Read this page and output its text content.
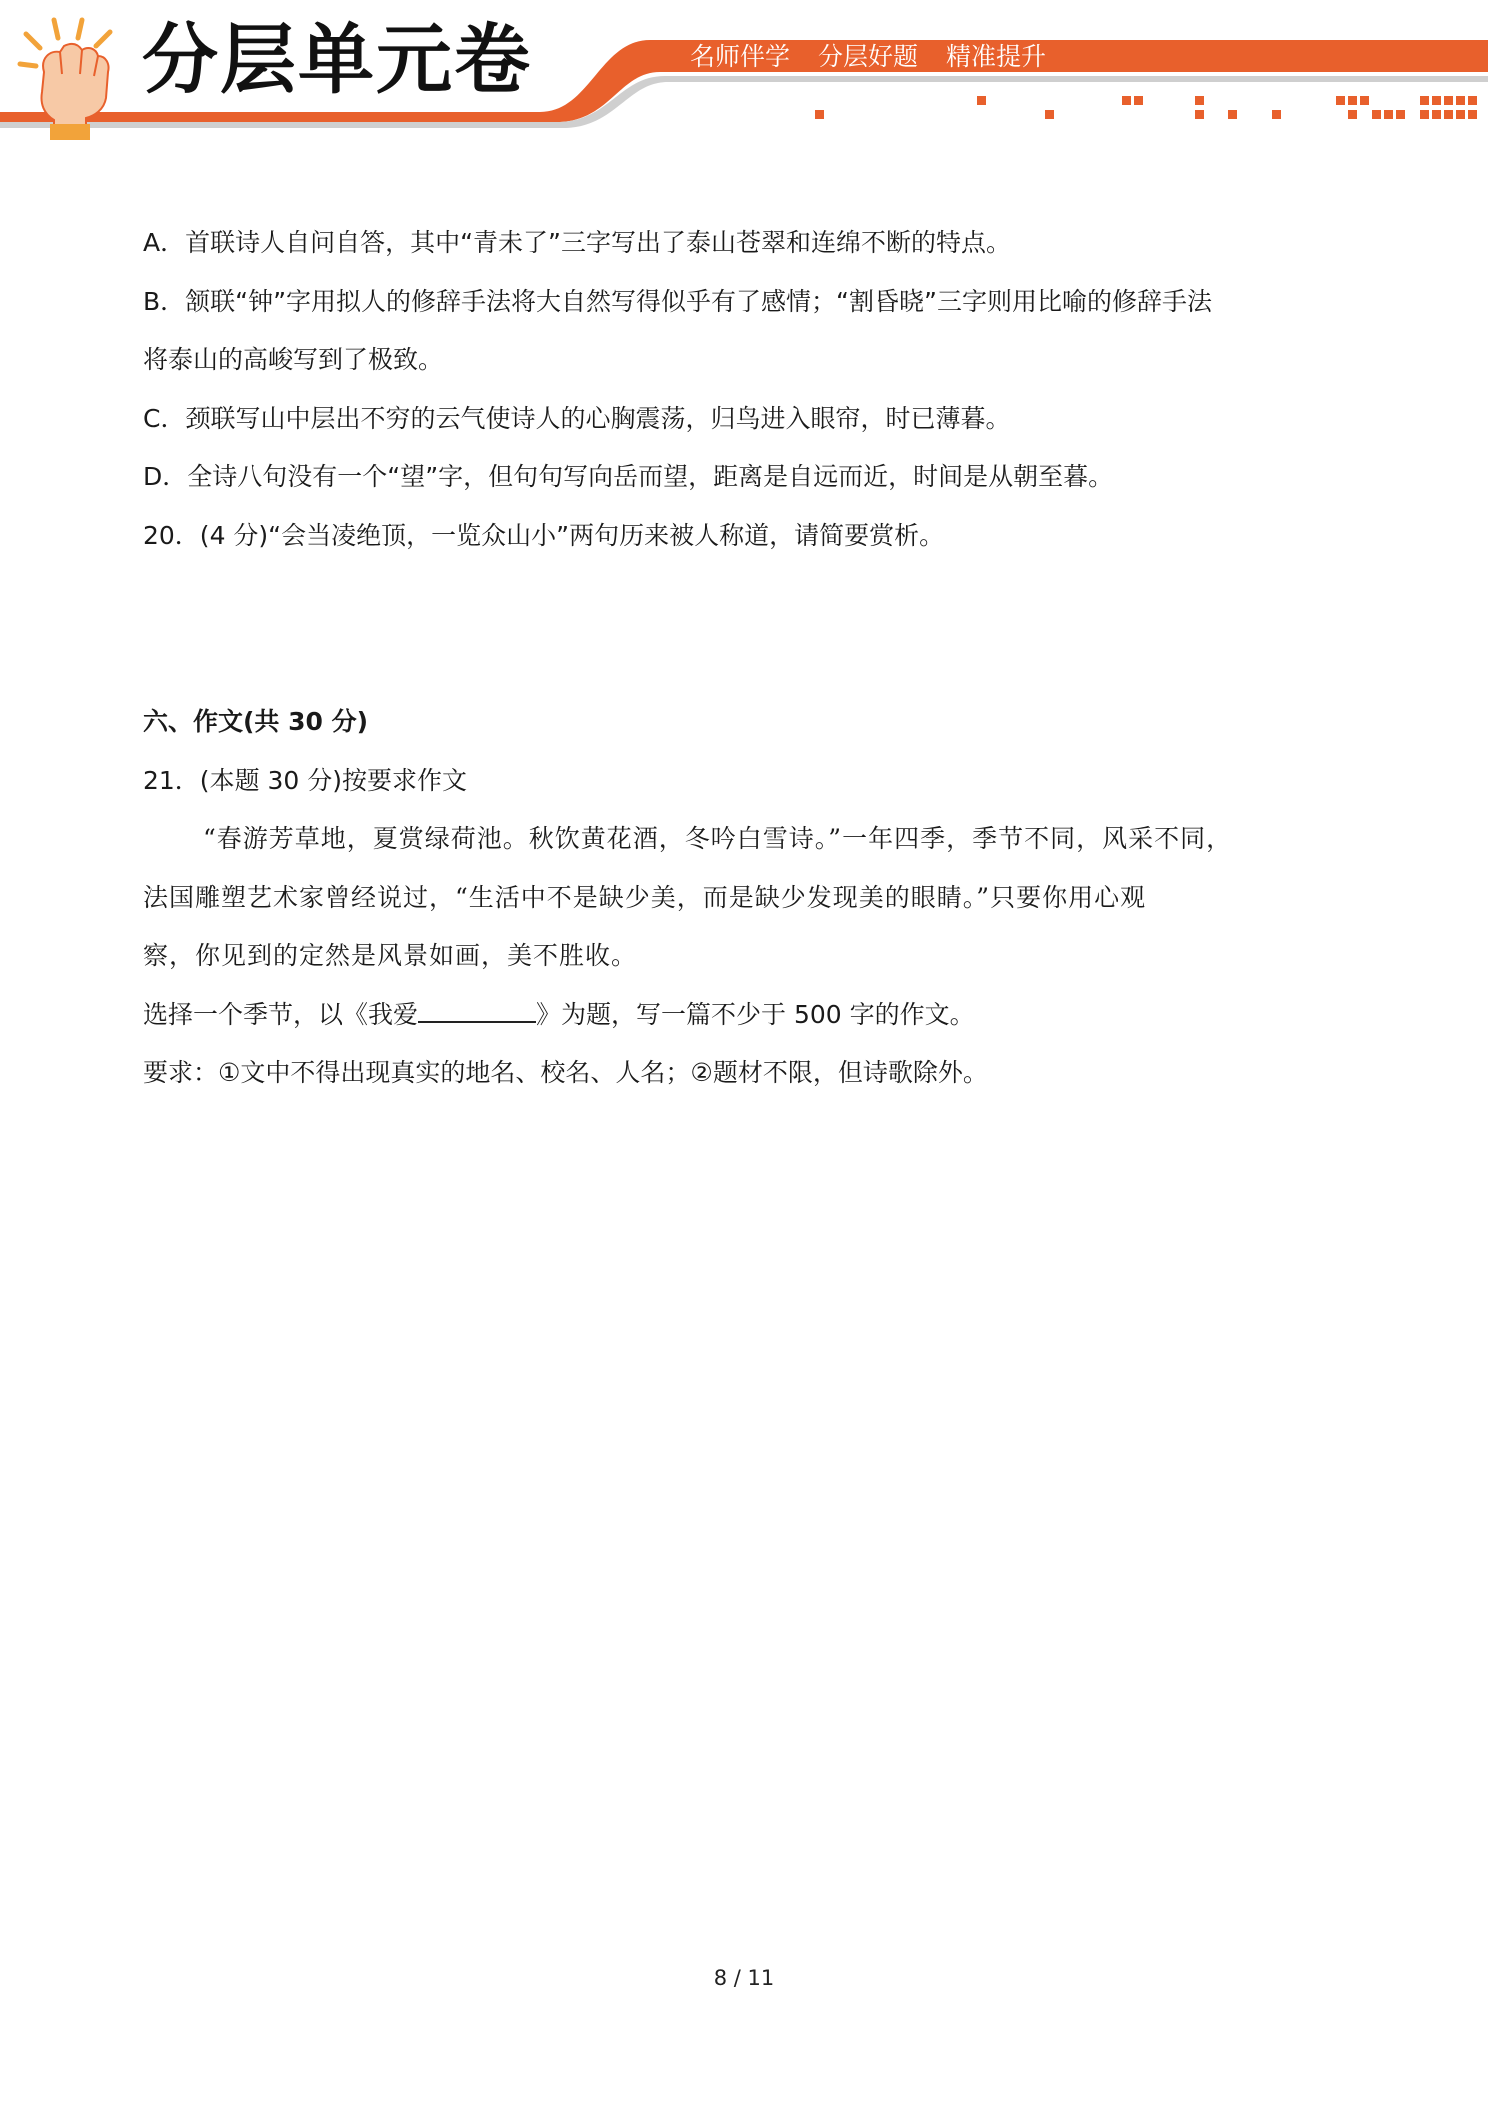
分层单元卷	名师伴学 分层好题 精准提升
A．首联诗人自问自答，其中“青未了”三字写出了泰山苍翠和连绵不断的特点。
B．颔联“钟”字用拟人的修辞手法将大自然写得似乎有了感情；“割昏晓”三字则用比喻的修辞手法
将泰山的高峻写到了极致。
C．颈联写山中层出不穷的云气使诗人的心胸震荡，归鸟进入眼帘，时已薄暮。
D．全诗八句没有一个“望”字，但句句写向岳而望，距离是自远而近，时间是从朝至暮。
20．(4 分)“会当凌绝顶，一览众山小”两句历来被人称道，请简要赏析。
六、作文(共 30 分)
21．(本题 30 分)按要求作文
“春游芳草地，夏赏绿荷池。秋饮黄花酒，冬吟白雪诗。”一年四季，季节不同，风采不同，
法国雕塑艺术家曾经说过，“生活中不是缺少美，而是缺少发现美的眼睛。”只要你用心观
察，你见到的定然是风景如画，美不胜收。
选择一个季节，以《我爱	》为题，写一篇不少于 500 字的作文。
要求：①文中不得出现真实的地名、校名、人名；②题材不限，但诗歌除外。
8 / 11
